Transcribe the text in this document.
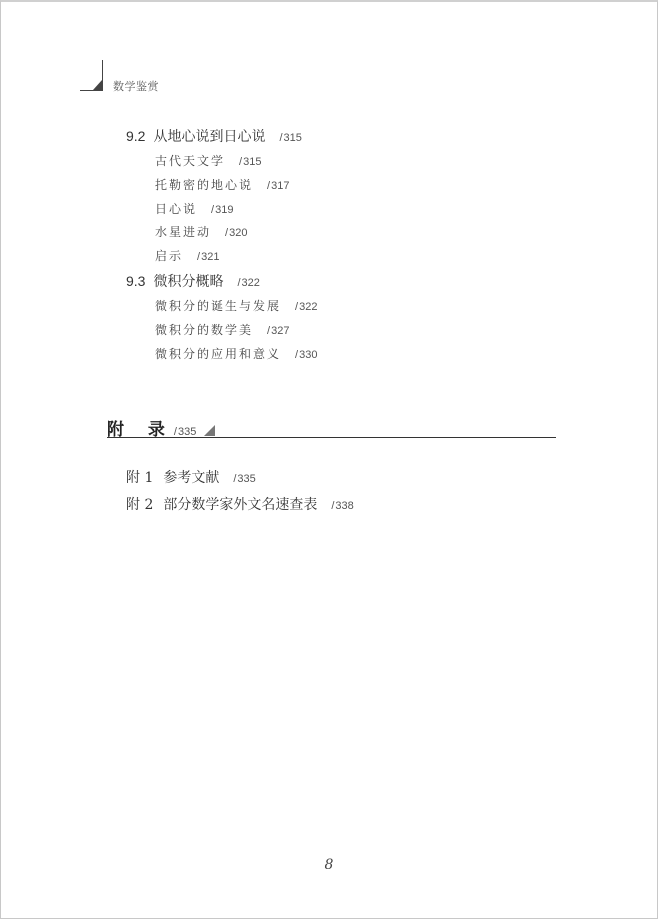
数学鉴赏
9.2 从地心说到日心说 /315
古代天文学 /315
托勒密的地心说 /317
日心说 /319
水星进动 /320
启示 /321
9.3 微积分概略 /322
微积分的诞生与发展 /322
微积分的数学美 /327
微积分的应用和意义 /330
附 录/335
附 1 参考文献 /335
附 2 部分数学家外文名速查表 /338
8
